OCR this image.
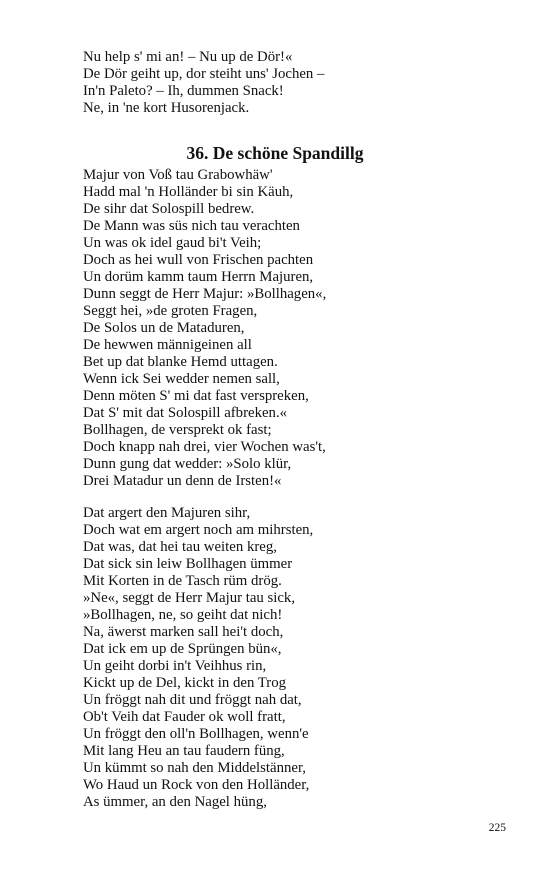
Nu help s' mi an! – Nu up de Dör!«
De Dör geiht up, dor steiht uns' Jochen –
In'n Paleto? – Ih, dummen Snack!
Ne, in 'ne kort Husorenjack.
36. De schöne Spandillg
Majur von Voß tau Grabowhäw'
Hadd mal 'n Holländer bi sin Käuh,
De sihr dat Solospill bedrew.
De Mann was süs nich tau verachten
Un was ok idel gaud bi't Veih;
Doch as hei wull von Frischen pachten
Un dorüm kamm taum Herrn Majuren,
Dunn seggt de Herr Majur: »Bollhagen«,
Seggt hei, »de groten Fragen,
De Solos un de Mataduren,
De hewwen männigeinen all
Bet up dat blanke Hemd uttagen.
Wenn ick Sei wedder nemen sall,
Denn möten S' mi dat fast verspreken,
Dat S' mit dat Solospill afbreken.«
Bollhagen, de versprekt ok fast;
Doch knapp nah drei, vier Wochen was't,
Dunn gung dat wedder: »Solo klür,
Drei Matadur un denn de Irsten!«
Dat argert den Majuren sihr,
Doch wat em argert noch am mihrsten,
Dat was, dat hei tau weiten kreg,
Dat sick sin leiw Bollhagen ümmer
Mit Korten in de Tasch rüm drög.
»Ne«, seggt de Herr Majur tau sick,
»Bollhagen, ne, so geiht dat nich!
Na, äwerst marken sall hei't doch,
Dat ick em up de Sprüngen bün«,
Un geiht dorbi in't Veihhus rin,
Kickt up de Del, kickt in den Trog
Un fröggt nah dit und fröggt nah dat,
Ob't Veih dat Fauder ok woll fratt,
Un fröggt den oll'n Bollhagen, wenn'e
Mit lang Heu an tau faudern füng,
Un kümmt so nah den Middelstänner,
Wo Haud un Rock von den Holländer,
As ümmer, an den Nagel hüng,
225
